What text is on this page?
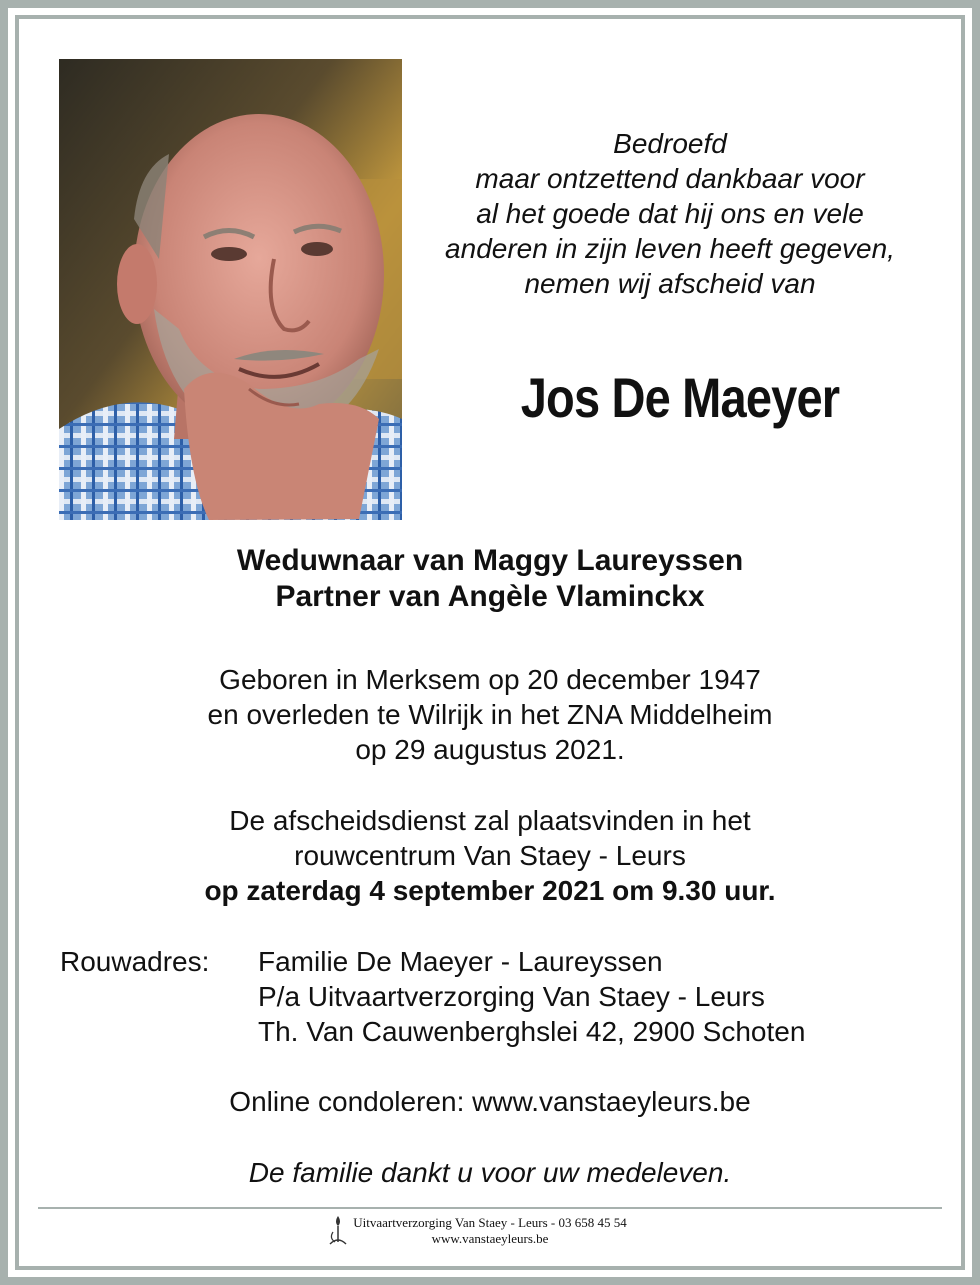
Bedroefd
maar ontzettend dankbaar voor
al het goede dat hij ons en vele
anderen in zijn leven heeft gegeven,
nemen wij afscheid van
Jos De Maeyer
Weduwnaar van Maggy Laureyssen
Partner van Angèle Vlaminckx
Geboren in Merksem op 20 december 1947
en overleden te Wilrijk in het ZNA Middelheim
op 29 augustus 2021.
De afscheidsdienst zal plaatsvinden in het
rouwcentrum Van Staey - Leurs
op zaterdag 4 september 2021 om 9.30 uur.
Rouwadres: Familie De Maeyer - Laureyssen
P/a Uitvaartverzorging Van Staey - Leurs
Th. Van Cauwenberghslei 42, 2900 Schoten
Online condoleren: www.vanstaeyleurs.be
De familie dankt u voor uw medeleven.
Uitvaartverzorging Van Staey - Leurs - 03 658 45 54
www.vanstaeyleurs.be
